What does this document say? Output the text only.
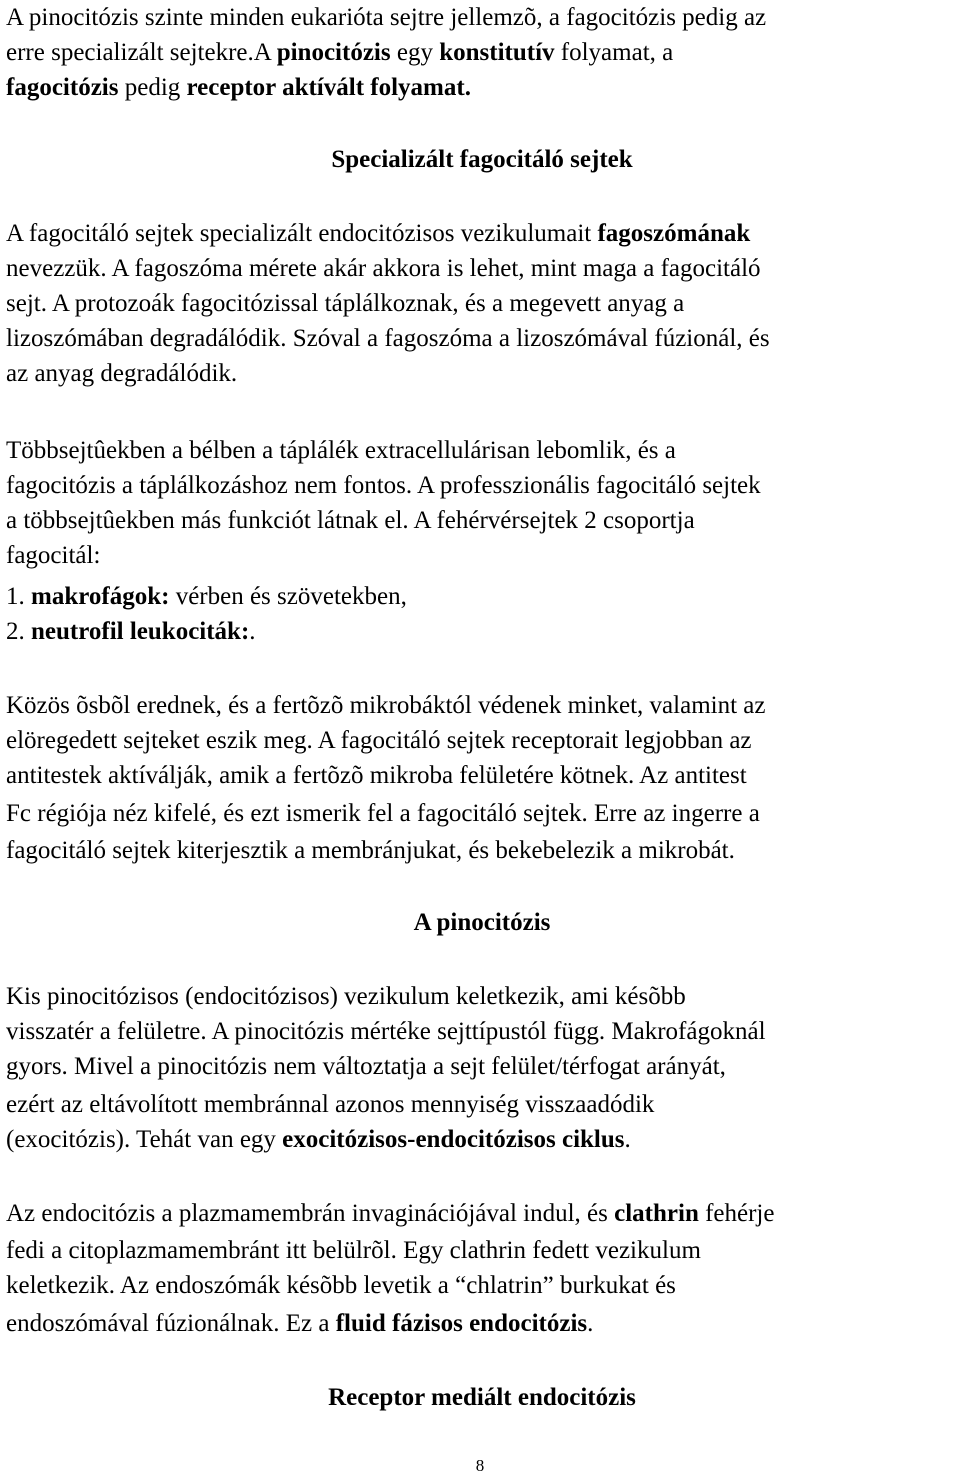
A pinocitózis szinte minden eukarióta sejtre jellemzõ, a fagocitózis pedig az
erre specializált sejtekre.A pinocitózis egy konstitutív folyamat, a
fagocitózis pedig receptor aktívált folyamat.
Specializált fagocitáló sejtek
A fagocitáló sejtek specializált endocitózisos vezikulumait fagoszómának
nevezzük. A fagoszóma mérete akár akkora is lehet, mint maga a fagocitáló
sejt. A protozoák fagocitózissal táplálkoznak, és a megevett anyag a
lizoszómában degradálódik. Szóval a fagoszóma a lizoszómával fúzionál, és
az anyag degradálódik.
Többsejtûekben a bélben a táplálék extracellulárisan lebomlik, és a
fagocitózis a táplálkozáshoz nem fontos. A professzionális fagocitáló sejtek
a többsejtûekben más funkciót látnak el. A fehérvérsejtek 2 csoportja
fagocitál:
1. makrofágok: vérben és szövetekben,
2. neutrofil leukociták:.
Közös õsbõl erednek, és a fertõzõ mikrobáktól védenek minket, valamint az
elöregedett sejteket eszik meg. A fagocitáló sejtek receptorait legjobban az
antitestek aktíválják, amik a fertõzõ mikroba felületére kötnek. Az antitest
Fc régiója néz kifelé, és ezt ismerik fel a fagocitáló sejtek. Erre az ingerre a
fagocitáló sejtek kiterjesztik a membránjukat, és bekebelezik a mikrobát.
A pinocitózis
Kis pinocitózisos (endocitózisos) vezikulum keletkezik, ami késõbb
visszatér a felületre. A pinocitózis mértéke sejttípustól függ. Makrofágoknál
gyors. Mivel a pinocitózis nem változtatja a sejt felület/térfogat arányát,
ezért az eltávolított membránnal azonos mennyiség visszaadódik
(exocitózis). Tehát van egy exocitózisos-endocitózisos ciklus.
Az endocitózis a plazmamembrán invaginációjával indul, és clathrin fehérje
fedi a citoplazmamembránt itt belülrõl. Egy clathrin fedett vezikulum
keletkezik. Az endoszómák késõbb levetik a “chlatrin” burkukat és
endoszómával fúzionálnak. Ez a fluid fázisos endocitózis.
Receptor mediált endocitózis
8
